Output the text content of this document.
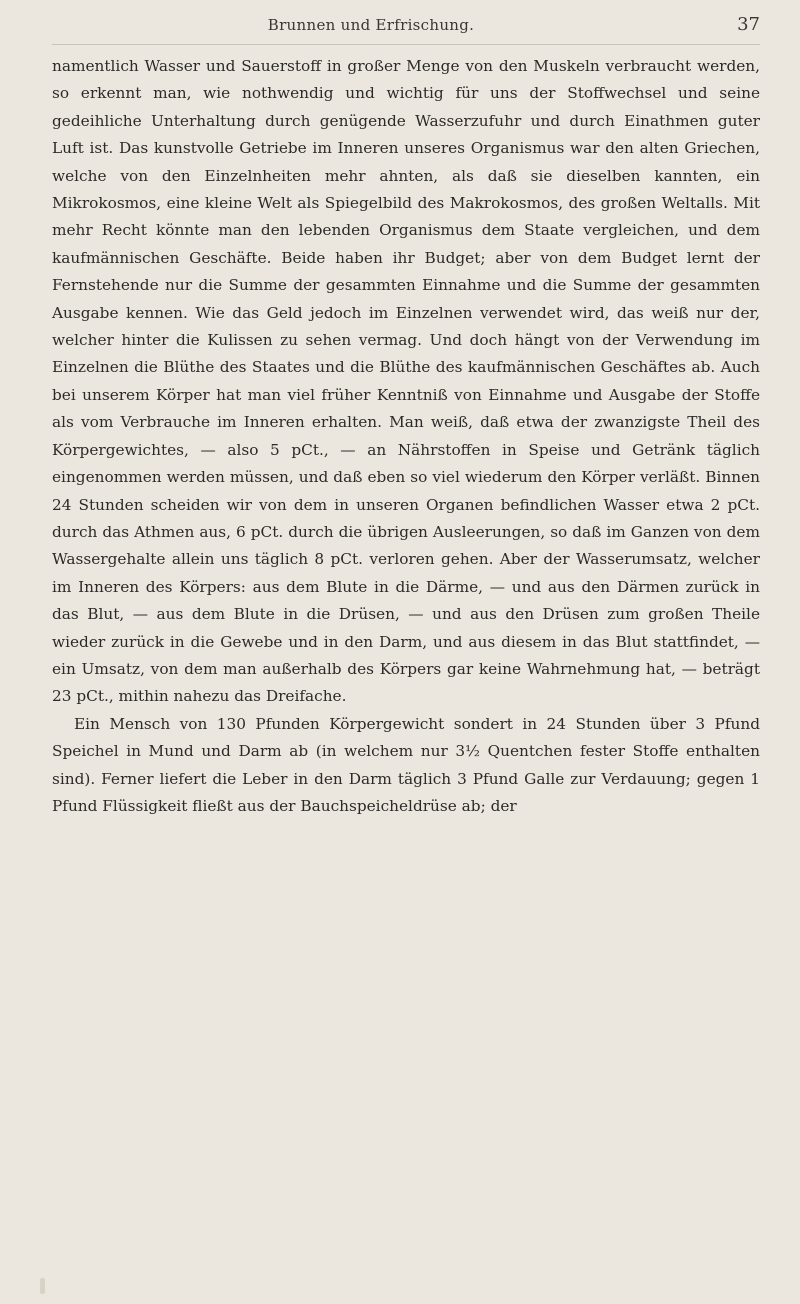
Brunnen und Erfrischung.	37

namentlich Wasser und Sauerstoff in großer Menge von den Muskeln verbraucht werden, so erkennt man, wie nothwendig und wichtig für uns der Stoffwechsel und seine gedeihliche Unterhaltung durch genügende Wasserzufuhr und durch Einathmen guter Luft ist. Das kunstvolle Getriebe im Inneren unseres Organismus war den alten Griechen, welche von den Einzelnheiten mehr ahnten, als daß sie dieselben kannten, ein Mikrokosmos, eine kleine Welt als Spiegelbild des Makrokosmos, des großen Weltalls. Mit mehr Recht könnte man den lebenden Organismus dem Staate vergleichen, und dem kaufmännischen Geschäfte. Beide haben ihr Budget; aber von dem Budget lernt der Fernstehende nur die Summe der gesammten Einnahme und die Summe der gesammten Ausgabe kennen. Wie das Geld jedoch im Einzelnen verwendet wird, das weiß nur der, welcher hinter die Kulissen zu sehen vermag. Und doch hängt von der Verwendung im Einzelnen die Blüthe des Staates und die Blüthe des kaufmännischen Geschäftes ab. Auch bei unserem Körper hat man viel früher Kenntniß von Einnahme und Ausgabe der Stoffe als vom Verbrauche im Inneren erhalten. Man weiß, daß etwa der zwanzigste Theil des Körpergewichtes, — also 5 pCt., — an Nährstoffen in Speise und Getränk täglich eingenommen werden müssen, und daß eben so viel wiederum den Körper verläßt. Binnen 24 Stunden scheiden wir von dem in unseren Organen befindlichen Wasser etwa 2 pCt. durch das Athmen aus, 6 pCt. durch die übrigen Ausleerungen, so daß im Ganzen von dem Wassergehalte allein uns täglich 8 pCt. verloren gehen. Aber der Wasserumsatz, welcher im Inneren des Körpers: aus dem Blute in die Därme, — und aus den Därmen zurück in das Blut, — aus dem Blute in die Drüsen, — und aus den Drüsen zum großen Theile wieder zurück in die Gewebe und in den Darm, und aus diesem in das Blut stattfindet, — ein Umsatz, von dem man außerhalb des Körpers gar keine Wahrnehmung hat, — beträgt 23 pCt., mithin nahezu das Dreifache.

Ein Mensch von 130 Pfunden Körpergewicht sondert in 24 Stunden über 3 Pfund Speichel in Mund und Darm ab (in welchem nur 3½ Quentchen fester Stoffe enthalten sind). Ferner liefert die Leber in den Darm täglich 3 Pfund Galle zur Verdauung; gegen 1 Pfund Flüssigkeit fließt aus der Bauchspeicheldrüse ab; der
